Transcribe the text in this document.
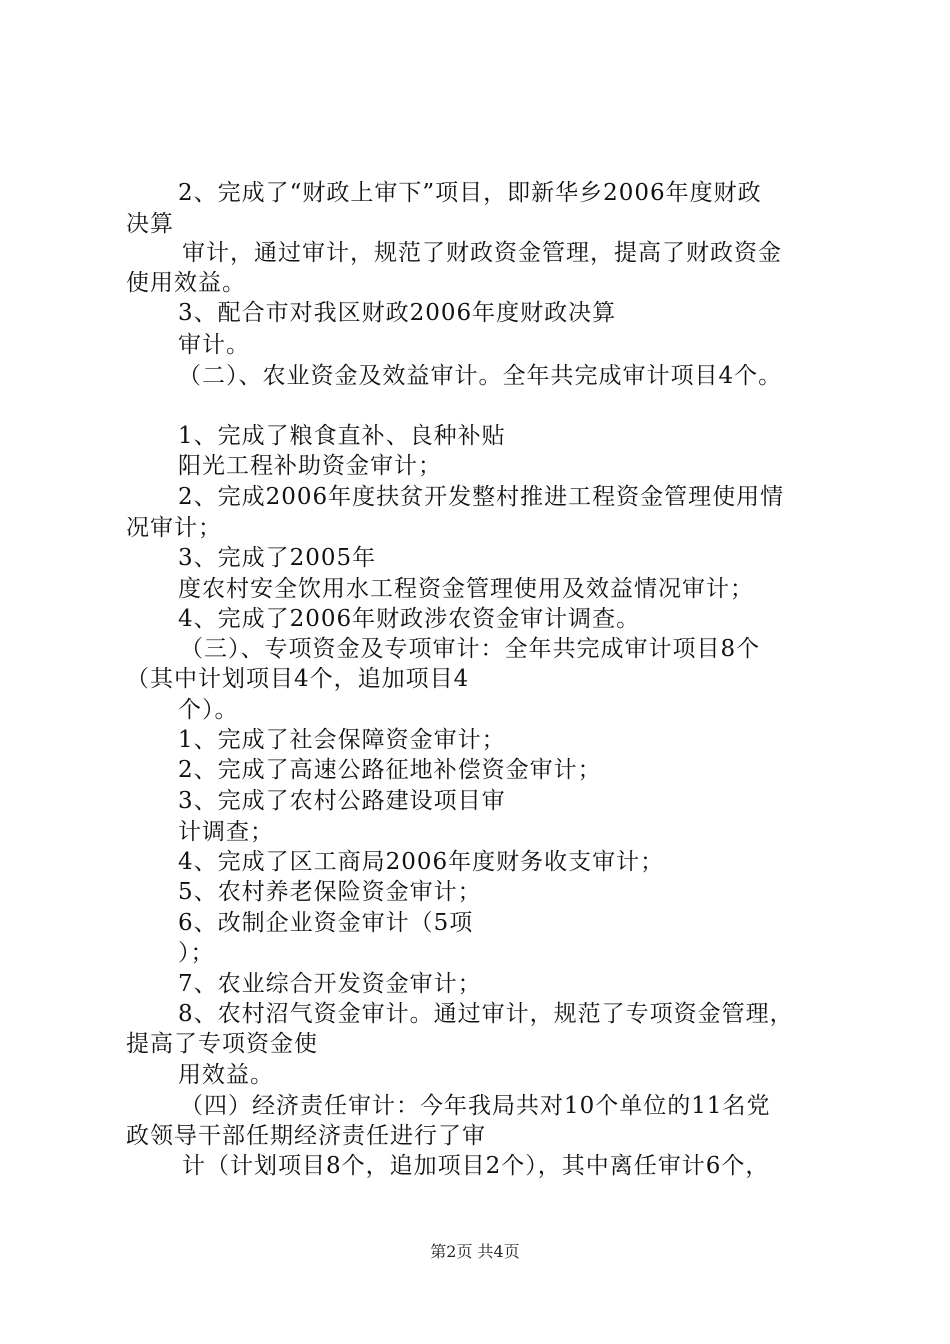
2、完成了“财政上审下”项目，即新华乡2006年度财政
决算
审计，通过审计，规范了财政资金管理，提高了财政资金
使用效益。
3、配合市对我区财政2006年度财政决算
审计。
（二）、农业资金及效益审计。全年共完成审计项目4个。
1、完成了粮食直补、良种补贴
阳光工程补助资金审计；
2、完成2006年度扶贫开发整村推进工程资金管理使用情
况审计；
3、完成了2005年
度农村安全饮用水工程资金管理使用及效益情况审计；
4、完成了2006年财政涉农资金审计调查。
（三）、专项资金及专项审计：全年共完成审计项目8个
（其中计划项目4个，追加项目4
个）。
1、完成了社会保障资金审计；
2、完成了高速公路征地补偿资金审计；
3、完成了农村公路建设项目审
计调查；
4、完成了区工商局2006年度财务收支审计；
5、农村养老保险资金审计；
6、改制企业资金审计（5项
）；
7、农业综合开发资金审计；
8、农村沼气资金审计。通过审计，规范了专项资金管理，
提高了专项资金使
用效益。
（四）经济责任审计：今年我局共对10个单位的11名党
政领导干部任期经济责任进行了审
计（计划项目8个，追加项目2个），其中离任审计6个，
第2页 共4页
